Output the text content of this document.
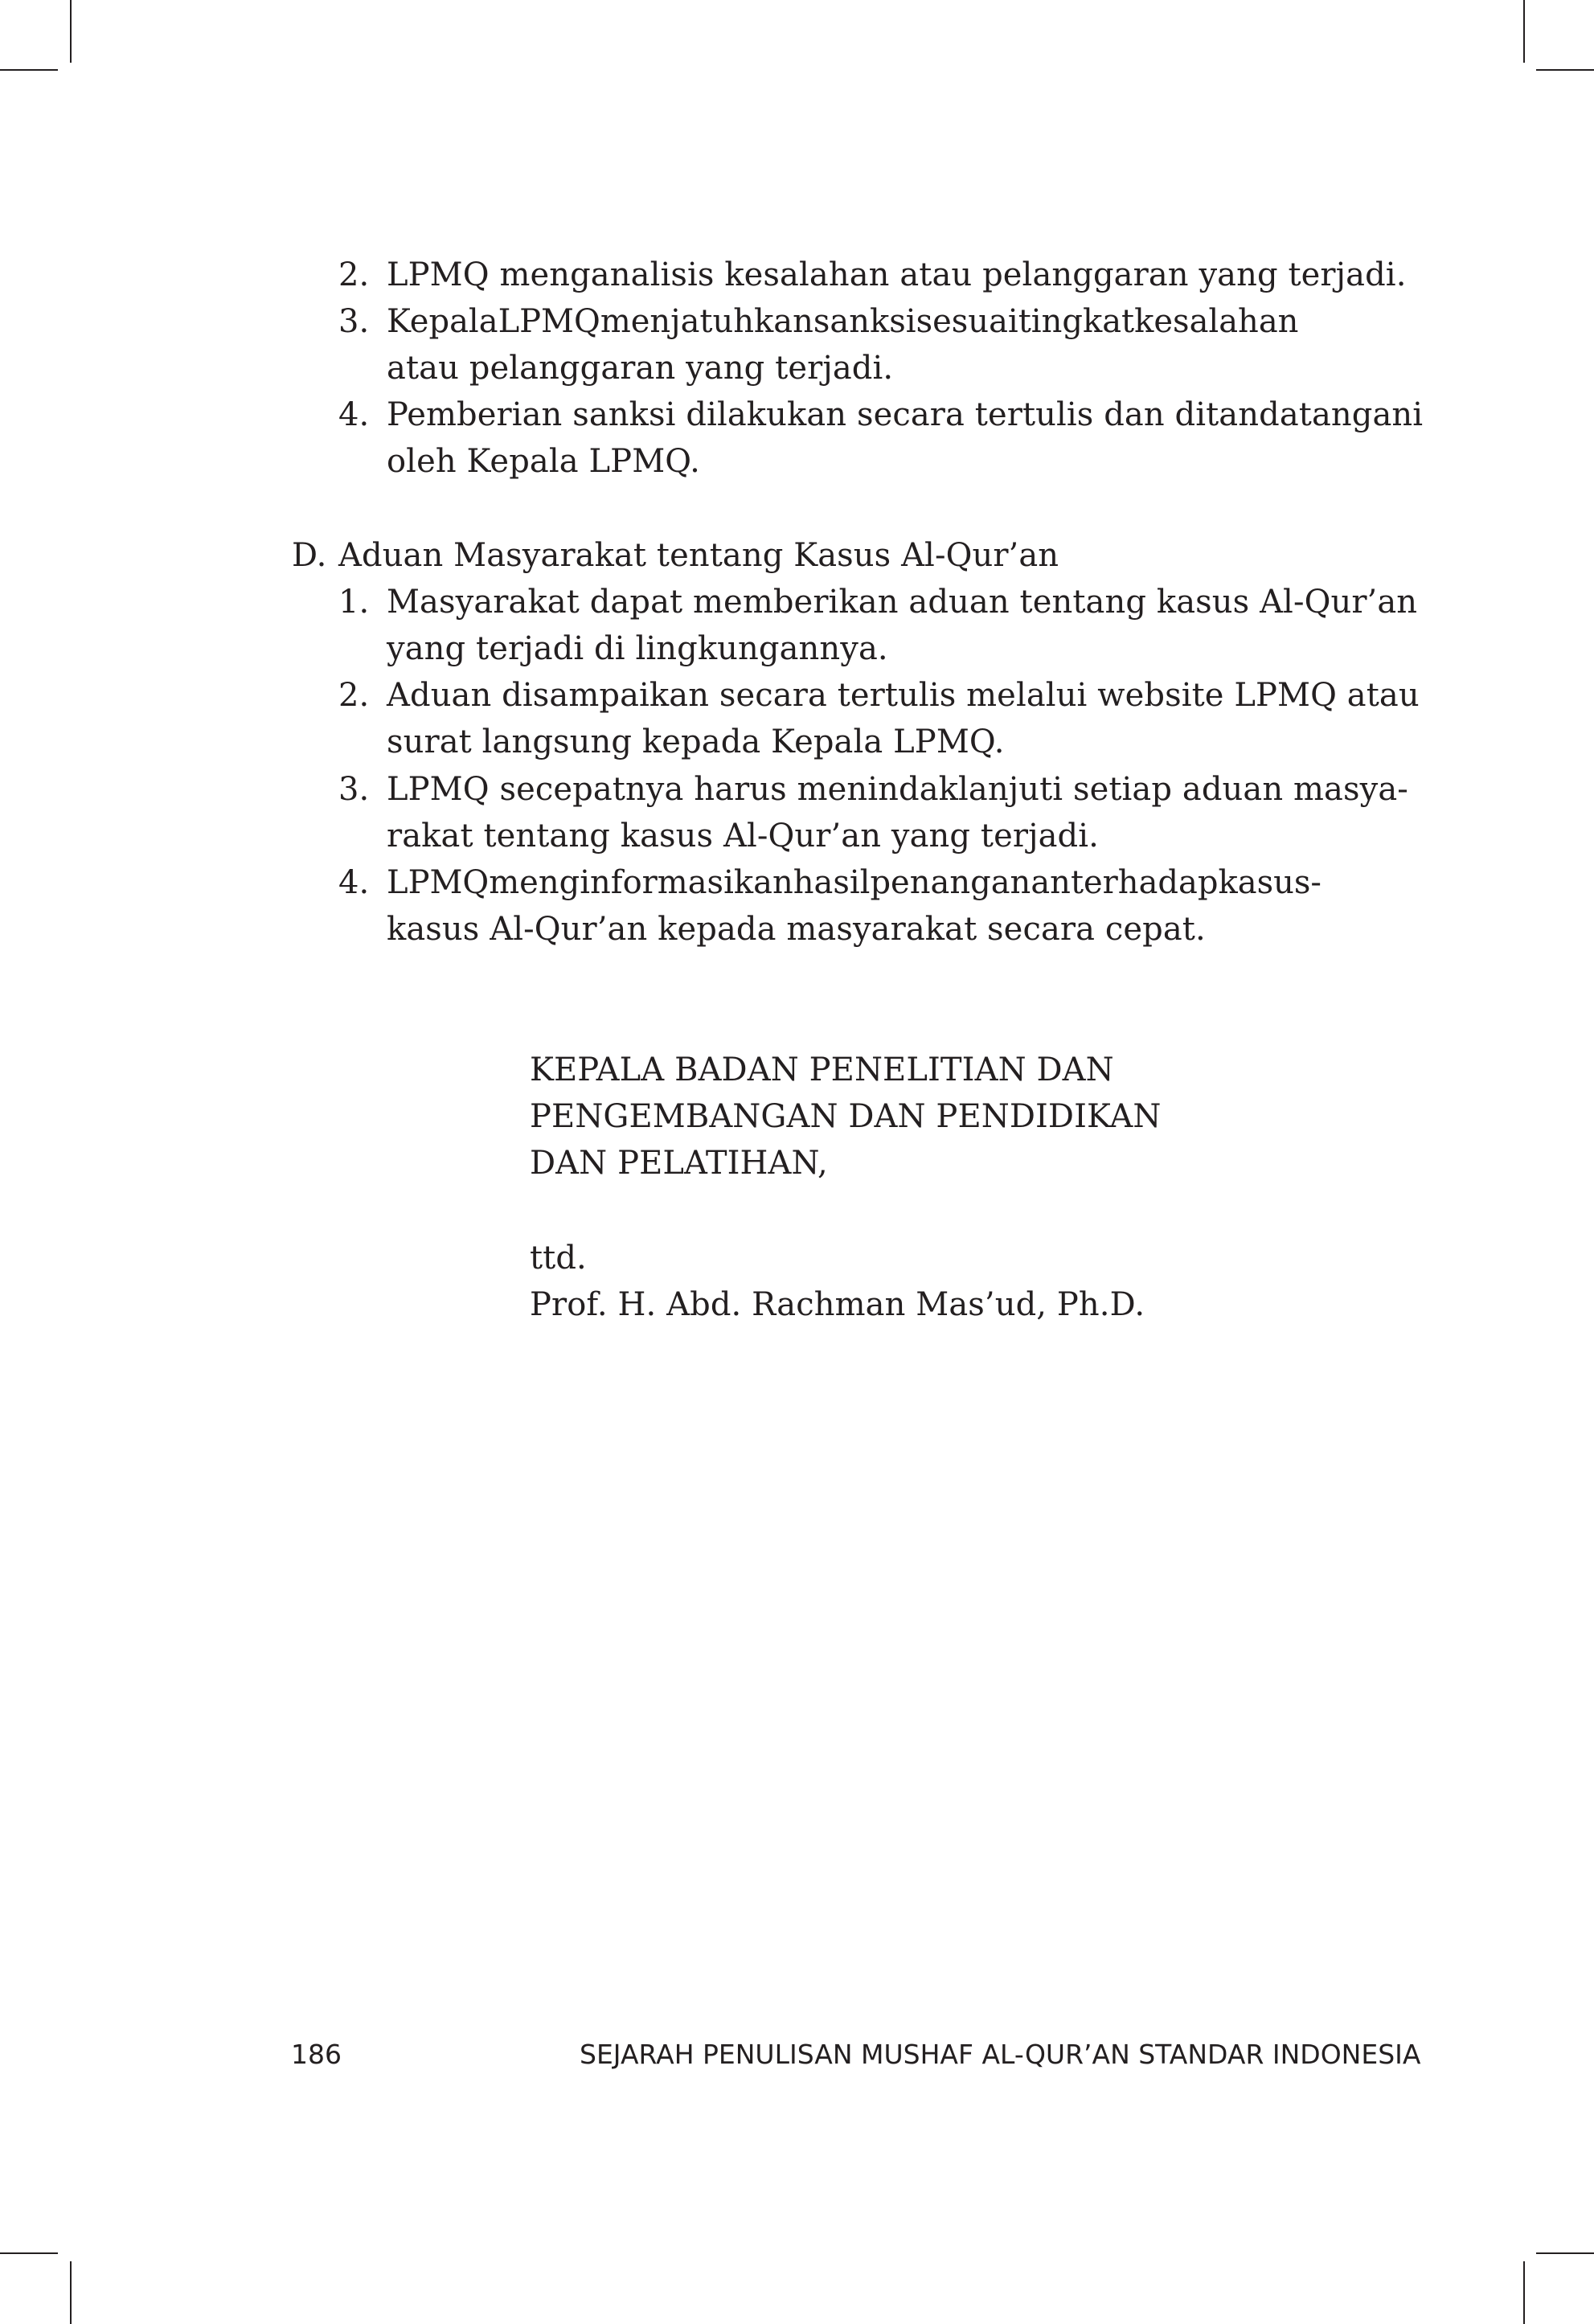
2. LPMQ menganalisis kesalahan atau pelanggaran yang terjadi.
3. Kepala LPMQ menjatuhkan sanksi sesuai tingkat kesalahan
atau pelanggaran yang terjadi.
4. Pemberian sanksi dilakukan secara tertulis dan ditandatangani
oleh Kepala LPMQ.
D. Aduan Masyarakat tentang Kasus Al-Qur’an
1. Masyarakat dapat memberikan aduan tentang kasus Al-Qur’an
yang terjadi di lingkungannya.
2. Aduan disampaikan secara tertulis melalui website LPMQ atau
surat langsung kepada Kepala LPMQ.
3. LPMQ secepatnya harus menindaklanjuti setiap aduan masya-
rakat tentang kasus Al-Qur’an yang terjadi.
4. LPMQ menginformasikan hasil penanganan terhadap kasus-
kasus Al-Qur’an kepada masyarakat secara cepat.
KEPALA BADAN PENELITIAN DAN
PENGEMBANGAN DAN PENDIDIKAN
DAN PELATIHAN,
ttd.
Prof. H. Abd. Rachman Mas’ud, Ph.D.
186	SEJARAH PENULISAN MUSHAF AL-QUR’AN STANDAR INDONESIA
